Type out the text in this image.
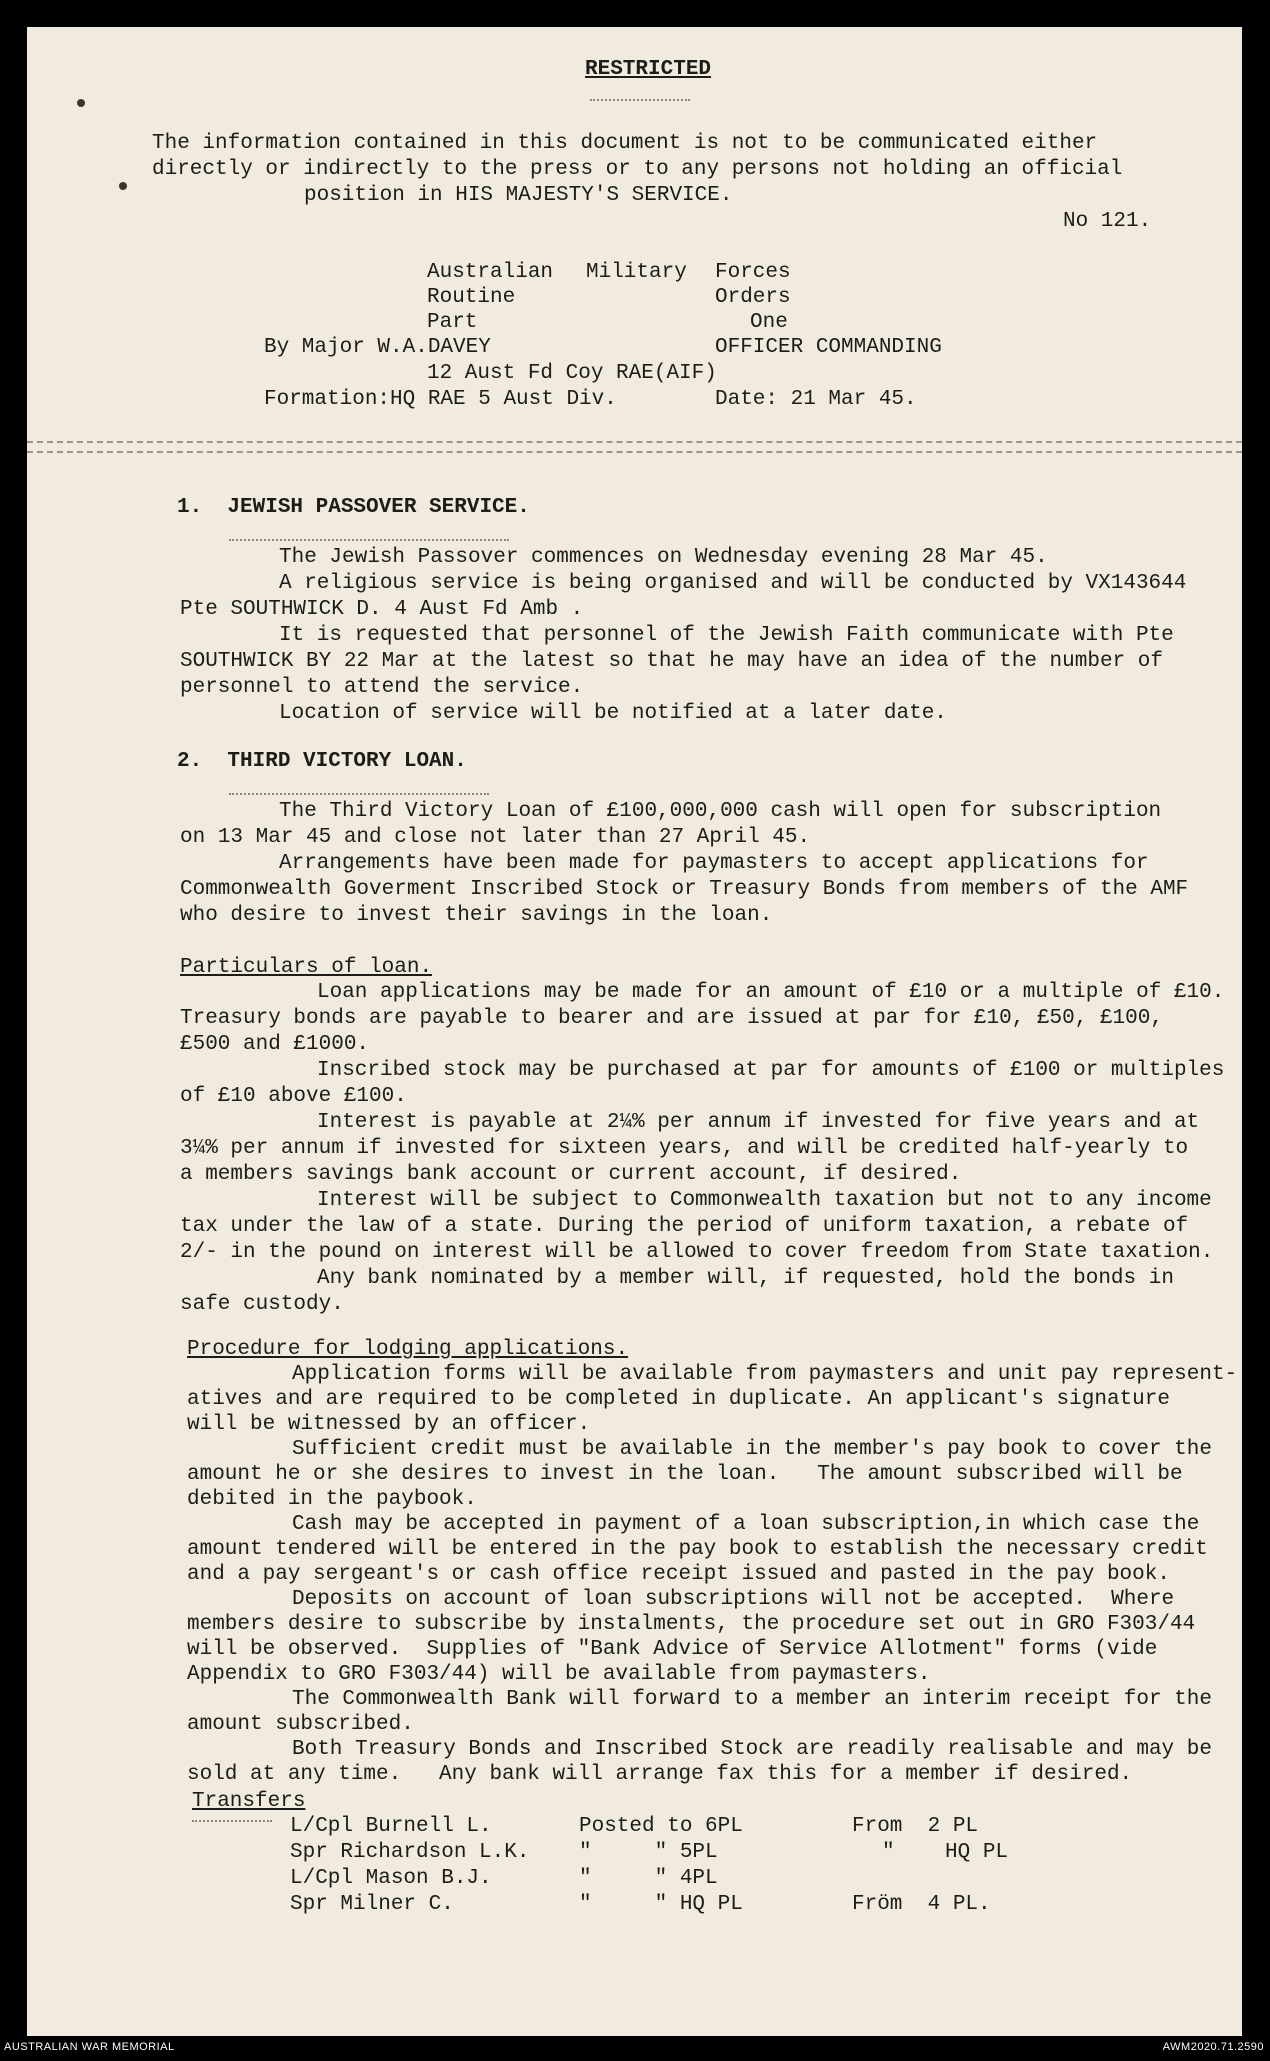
RESTRICTED

The information contained in this document is not to be communicated either

directly or indirectly to the press or to any persons not holding an official

position in HIS MAJESTY'S SERVICE.

No 121.

Australian Military Forces

Routine	Orders

Part	One

By Major W.A.DAVEY	OFFICER COMMANDING

12 Aust Fd Coy RAE(AIF)

Formation:HQ RAE 5 Aust Div.	Date: 21 Mar 45.

1.  JEWISH PASSOVER SERVICE.

The Jewish Passover commences on Wednesday evening 28 Mar 45.

A religious service is being organised and will be conducted by VX143644

Pte SOUTHWICK D. 4 Aust Fd Amb .

It is requested that personnel of the Jewish Faith communicate with Pte

SOUTHWICK BY 22 Mar at the latest so that he may have an idea of the number of

personnel to attend the service.

Location of service will be notified at a later date.

2.  THIRD VICTORY LOAN.

The Third Victory Loan of £100,000,000 cash will open for subscription

on 13 Mar 45 and close not later than 27 April 45.

Arrangements have been made for paymasters to accept applications for

Commonwealth Goverment Inscribed Stock or Treasury Bonds from members of the AMF

who desire to invest their savings in the loan.

Particulars of loan.

Loan applications may be made for an amount of £10 or a multiple of £10.

Treasury bonds are payable to bearer and are issued at par for £10, £50, £100,

£500 and £1000.

Inscribed stock may be purchased at par for amounts of £100 or multiples

of £10 above £100.

Interest is payable at 2¼% per annum if invested for five years and at

3¼% per annum if invested for sixteen years, and will be credited half-yearly to

a members savings bank account or current account, if desired.

Interest will be subject to Commonwealth taxation but not to any income

tax under the law of a state. During the period of uniform taxation, a rebate of

2/- in the pound on interest will be allowed to cover freedom from State taxation.

Any bank nominated by a member will, if requested, hold the bonds in

safe custody.

Procedure for lodging applications.

Application forms will be available from paymasters and unit pay represent-

atives and are required to be completed in duplicate. An applicant's signature

will be witnessed by an officer.

Sufficient credit must be available in the member's pay book to cover the

amount he or she desires to invest in the loan.   The amount subscribed will be

debited in the paybook.

Cash may be accepted in payment of a loan subscription,in which case the

amount tendered will be entered in the pay book to establish the necessary credit

and a pay sergeant's or cash office receipt issued and pasted in the pay book.

Deposits on account of loan subscriptions will not be accepted.  Where

members desire to subscribe by instalments, the procedure set out in GRO F303/44

will be observed.  Supplies of "Bank Advice of Service Allotment" forms (vide

Appendix to GRO F303/44) will be available from paymasters.

The Commonwealth Bank will forward to a member an interim receipt for the

amount subscribed.

Both Treasury Bonds and Inscribed Stock are readily realisable and may be

sold at any time.   Any bank will arrange fax this for a member if desired.

Transfers

L/Cpl Burnell L.	Posted to 6PL	From  2 PL

Spr Richardson L.K. "     " 5PL	"    HQ PL

L/Cpl Mason B.J.	"     " 4PL

Spr Milner C.	"     " HQ PL	Fröm  4 PL.

AUSTRALIAN WAR MEMORIAL	AWM2020.71.2590
